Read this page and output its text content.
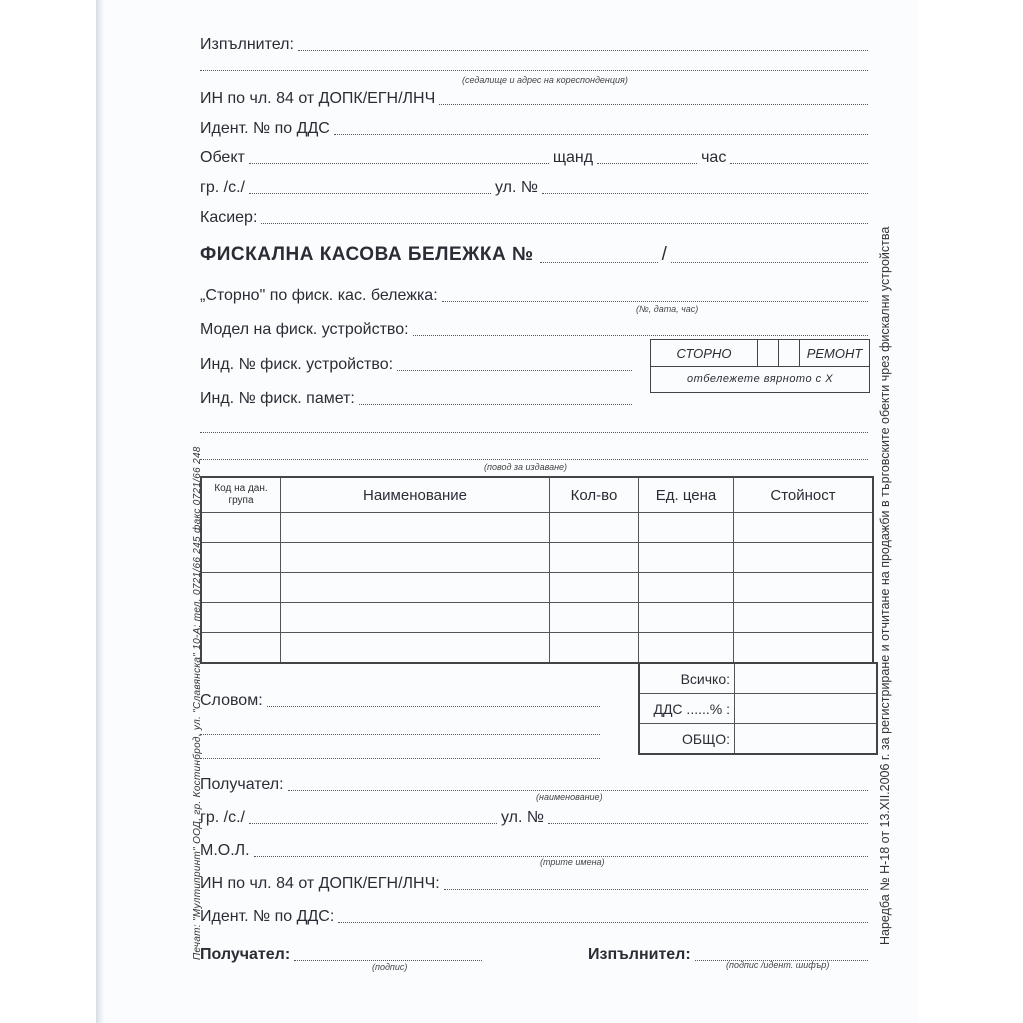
Изпълнител:
(седалище и адрес на кореспонденция)
ИН по чл. 84 от ДОПК/ЕГН/ЛНЧ
Идент. № по ДДС
Обект	щанд	час
гр. /с./	ул. №
Касиер:
ФИСКАЛНА КАСОВА БЕЛЕЖКА №	/
„Сторно" по фиск. кас. бележка:
(№, дата, час)
Модел на фиск. устройство:
Инд. № фиск. устройство:
Инд. № фиск. памет:
СТОРНО	РЕМОНТ
отбележете вярното с X
(повод за издаване)
Код на дан. група	Наименование	Кол-во	Ед. цена	Стойност

Всичко:	
ДДС ......% :	
ОБЩО:	
Словом:
Получател:
(наименование)
гр. /с./	ул. №
М.О.Л.
(трите имена)
ИН по чл. 84 от ДОПК/ЕГН/ЛНЧ:
Идент. № по ДДС:
Получател:
(подпис)
Изпълнител:
(подпис /идент. шифър)
Печат: "Мултипринт" ООД, гр. Костинброд, ул. "Славянска" 10-А; тел. 0721/66 245 факс 0721/66 248	Наредба № Н-18 от 13.XII.2006 г. за регистриране и отчитане на продажби в търговските обекти чрез фискални устройства
